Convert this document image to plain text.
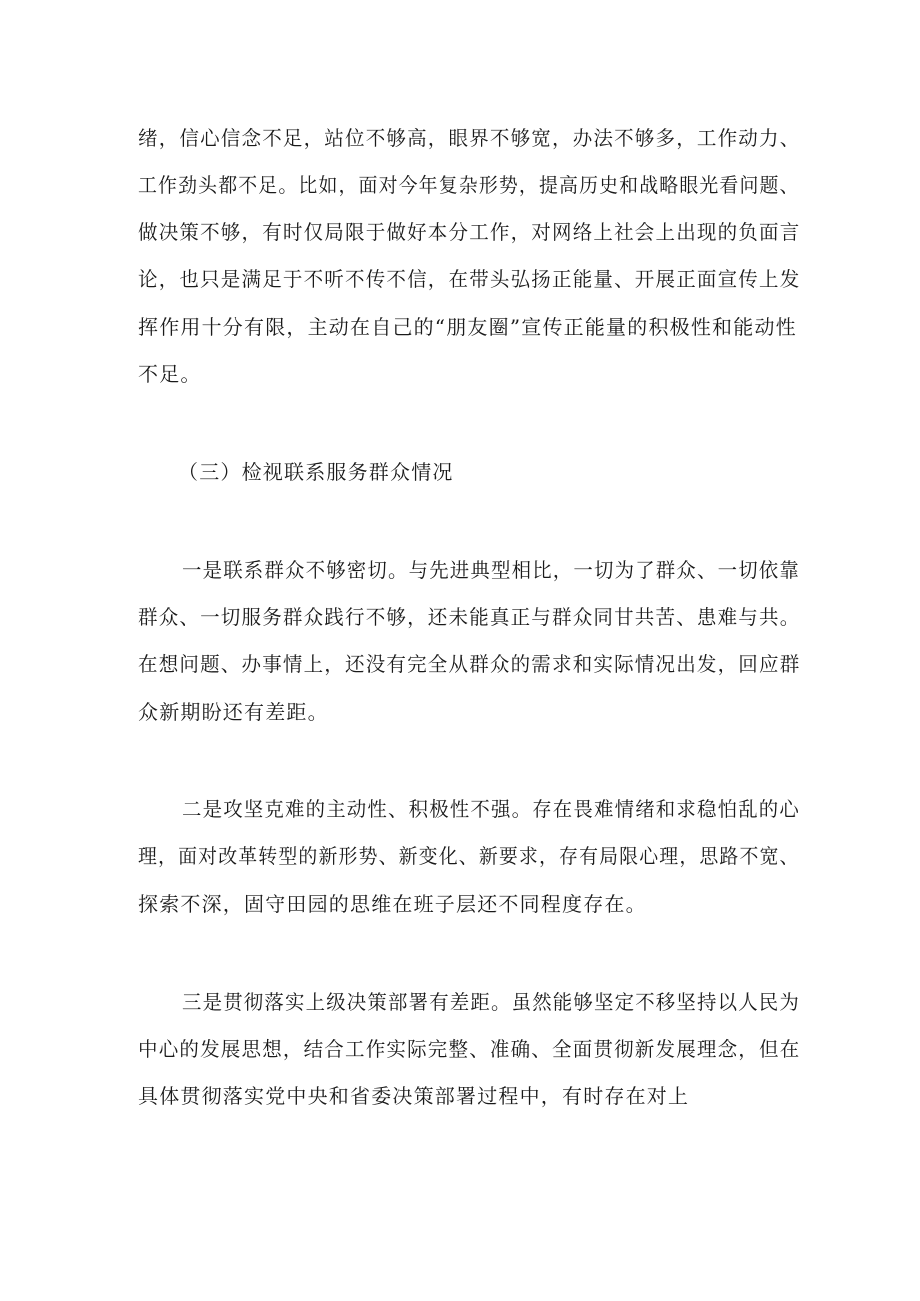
绪，信心信念不足，站位不够高，眼界不够宽，办法不够多，工作动力、
工作劲头都不足。比如，面对今年复杂形势，提高历史和战略眼光看问题、
做决策不够，有时仅局限于做好本分工作，对网络上社会上出现的负面言
论，也只是满足于不听不传不信，在带头弘扬正能量、开展正面宣传上发
挥作用十分有限，主动在自己的“朋友圈”宣传正能量的积极性和能动性
不足。
（三）检视联系服务群众情况
一是联系群众不够密切。与先进典型相比，一切为了群众、一切依靠
群众、一切服务群众践行不够，还未能真正与群众同甘共苦、患难与共。
在想问题、办事情上，还没有完全从群众的需求和实际情况出发，回应群
众新期盼还有差距。
二是攻坚克难的主动性、积极性不强。存在畏难情绪和求稳怕乱的心
理，面对改革转型的新形势、新变化、新要求，存有局限心理，思路不宽、
探索不深，固守田园的思维在班子层还不同程度存在。
三是贯彻落实上级决策部署有差距。虽然能够坚定不移坚持以人民为
中心的发展思想，结合工作实际完整、准确、全面贯彻新发展理念，但在
具体贯彻落实党中央和省委决策部署过程中，有时存在对上
